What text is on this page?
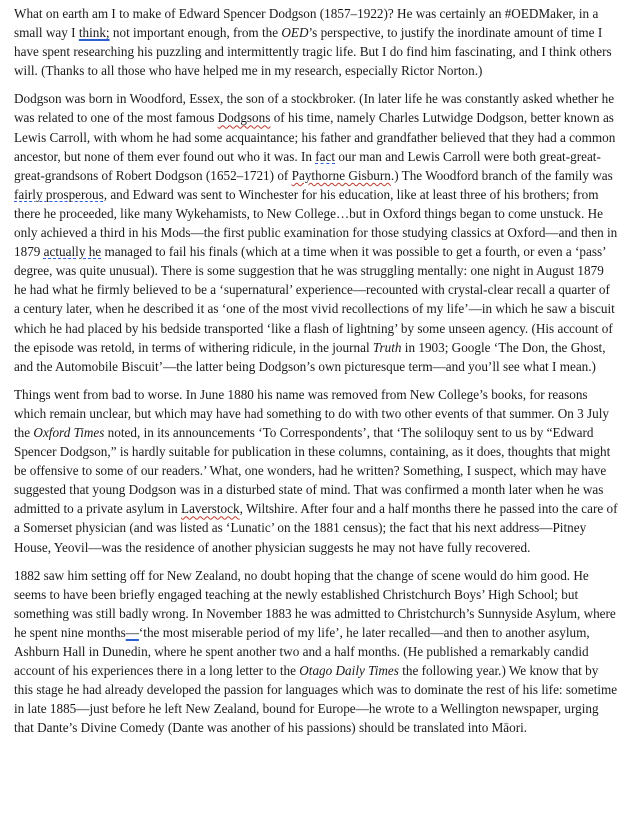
What on earth am I to make of Edward Spencer Dodgson (1857–1922)? He was certainly an #OEDMaker, in a small way I think; not important enough, from the OED’s perspective, to justify the inordinate amount of time I have spent researching his puzzling and intermittently tragic life. But I do find him fascinating, and I think others will. (Thanks to all those who have helped me in my research, especially Rictor Norton.)

Dodgson was born in Woodford, Essex, the son of a stockbroker. (In later life he was constantly asked whether he was related to one of the most famous Dodgsons of his time, namely Charles Lutwidge Dodgson, better known as Lewis Carroll, with whom he had some acquaintance; his father and grandfather believed that they had a common ancestor, but none of them ever found out who it was. In fact our man and Lewis Carroll were both great-great-great-grandsons of Robert Dodgson (1652–1721) of Paythorne Gisburn.) The Woodford branch of the family was fairly prosperous, and Edward was sent to Winchester for his education, like at least three of his brothers; from there he proceeded, like many Wykehamists, to New College…but in Oxford things began to come unstuck. He only achieved a third in his Mods—the first public examination for those studying classics at Oxford—and then in 1879 actually he managed to fail his finals (which at a time when it was possible to get a fourth, or even a ‘pass’ degree, was quite unusual). There is some suggestion that he was struggling mentally: one night in August 1879 he had what he firmly believed to be a ‘supernatural’ experience—recounted with crystal-clear recall a quarter of a century later, when he described it as ‘one of the most vivid recollections of my life’—in which he saw a biscuit which he had placed by his bedside transported ‘like a flash of lightning’ by some unseen agency. (His account of the episode was retold, in terms of withering ridicule, in the journal Truth in 1903; Google ‘The Don, the Ghost, and the Automobile Biscuit’—the latter being Dodgson’s own picturesque term—and you’ll see what I mean.)

Things went from bad to worse. In June 1880 his name was removed from New College’s books, for reasons which remain unclear, but which may have had something to do with two other events of that summer. On 3 July the Oxford Times noted, in its announcements ‘To Correspondents’, that ‘The soliloquy sent to us by “Edward Spencer Dodgson,” is hardly suitable for publication in these columns, containing, as it does, thoughts that might be offensive to some of our readers.’ What, one wonders, had he written? Something, I suspect, which may have suggested that young Dodgson was in a disturbed state of mind. That was confirmed a month later when he was admitted to a private asylum in Laverstock, Wiltshire. After four and a half months there he passed into the care of a Somerset physician (and was listed as ‘Lunatic’ on the 1881 census); the fact that his next address—Pitney House, Yeovil—was the residence of another physician suggests he may not have fully recovered.

1882 saw him setting off for New Zealand, no doubt hoping that the change of scene would do him good. He seems to have been briefly engaged teaching at the newly established Christchurch Boys’ High School; but something was still badly wrong. In November 1883 he was admitted to Christchurch’s Sunnyside Asylum, where he spent nine months—‘the most miserable period of my life’, he later recalled—and then to another asylum, Ashburn Hall in Dunedin, where he spent another two and a half months. (He published a remarkably candid account of his experiences there in a long letter to the Otago Daily Times the following year.) We know that by this stage he had already developed the passion for languages which was to dominate the rest of his life: sometime in late 1885—just before he left New Zealand, bound for Europe—he wrote to a Wellington newspaper, urging that Dante’s Divine Comedy (Dante was another of his passions) should be translated into Māori.
